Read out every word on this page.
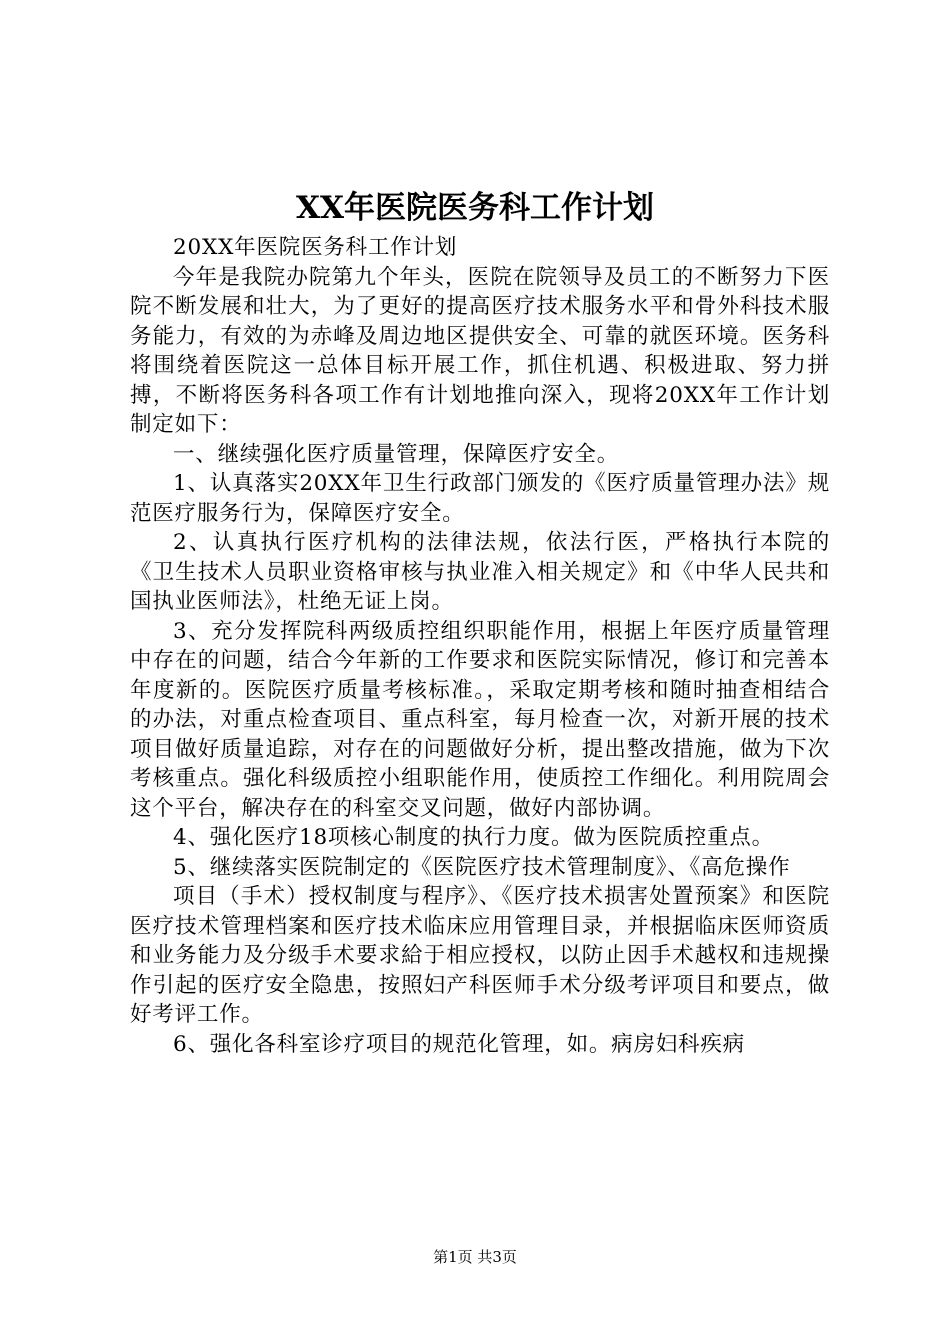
XX年医院医务科工作计划

20XX年医院医务科工作计划

今年是我院办院第九个年头，医院在院领导及员工的不断努力下医院不断发展和壮大，为了更好的提高医疗技术服务水平和骨外科技术服务能力，有效的为赤峰及周边地区提供安全、可靠的就医环境。医务科将围绕着医院这一总体目标开展工作，抓住机遇、积极进取、努力拼搏，不断将医务科各项工作有计划地推向深入，现将20XX年工作计划制定如下：

一、继续强化医疗质量管理，保障医疗安全。

1、认真落实20XX年卫生行政部门颁发的《医疗质量管理办法》规范医疗服务行为，保障医疗安全。

2、认真执行医疗机构的法律法规，依法行医，严格执行本院的《卫生技术人员职业资格审核与执业准入相关规定》和《中华人民共和国执业医师法》，杜绝无证上岗。

3、充分发挥院科两级质控组织职能作用，根据上年医疗质量管理中存在的问题，结合今年新的工作要求和医院实际情况，修订和完善本年度新的。医院医疗质量考核标准。，采取定期考核和随时抽查相结合的办法，对重点检查项目、重点科室，每月检查一次，对新开展的技术项目做好质量追踪，对存在的问题做好分析，提出整改措施，做为下次考核重点。强化科级质控小组职能作用，使质控工作细化。利用院周会这个平台，解决存在的科室交叉问题，做好内部协调。

4、强化医疗18项核心制度的执行力度。做为医院质控重点。

5、继续落实医院制定的《医院医疗技术管理制度》、《高危操作

项目（手术）授权制度与程序》、《医疗技术损害处置预案》和医院医疗技术管理档案和医疗技术临床应用管理目录，并根据临床医师资质和业务能力及分级手术要求給于相应授权，以防止因手术越权和违规操作引起的医疗安全隐患，按照妇产科医师手术分级考评项目和要点，做好考评工作。

6、强化各科室诊疗项目的规范化管理，如。病房妇科疾病

第1页 共3页
